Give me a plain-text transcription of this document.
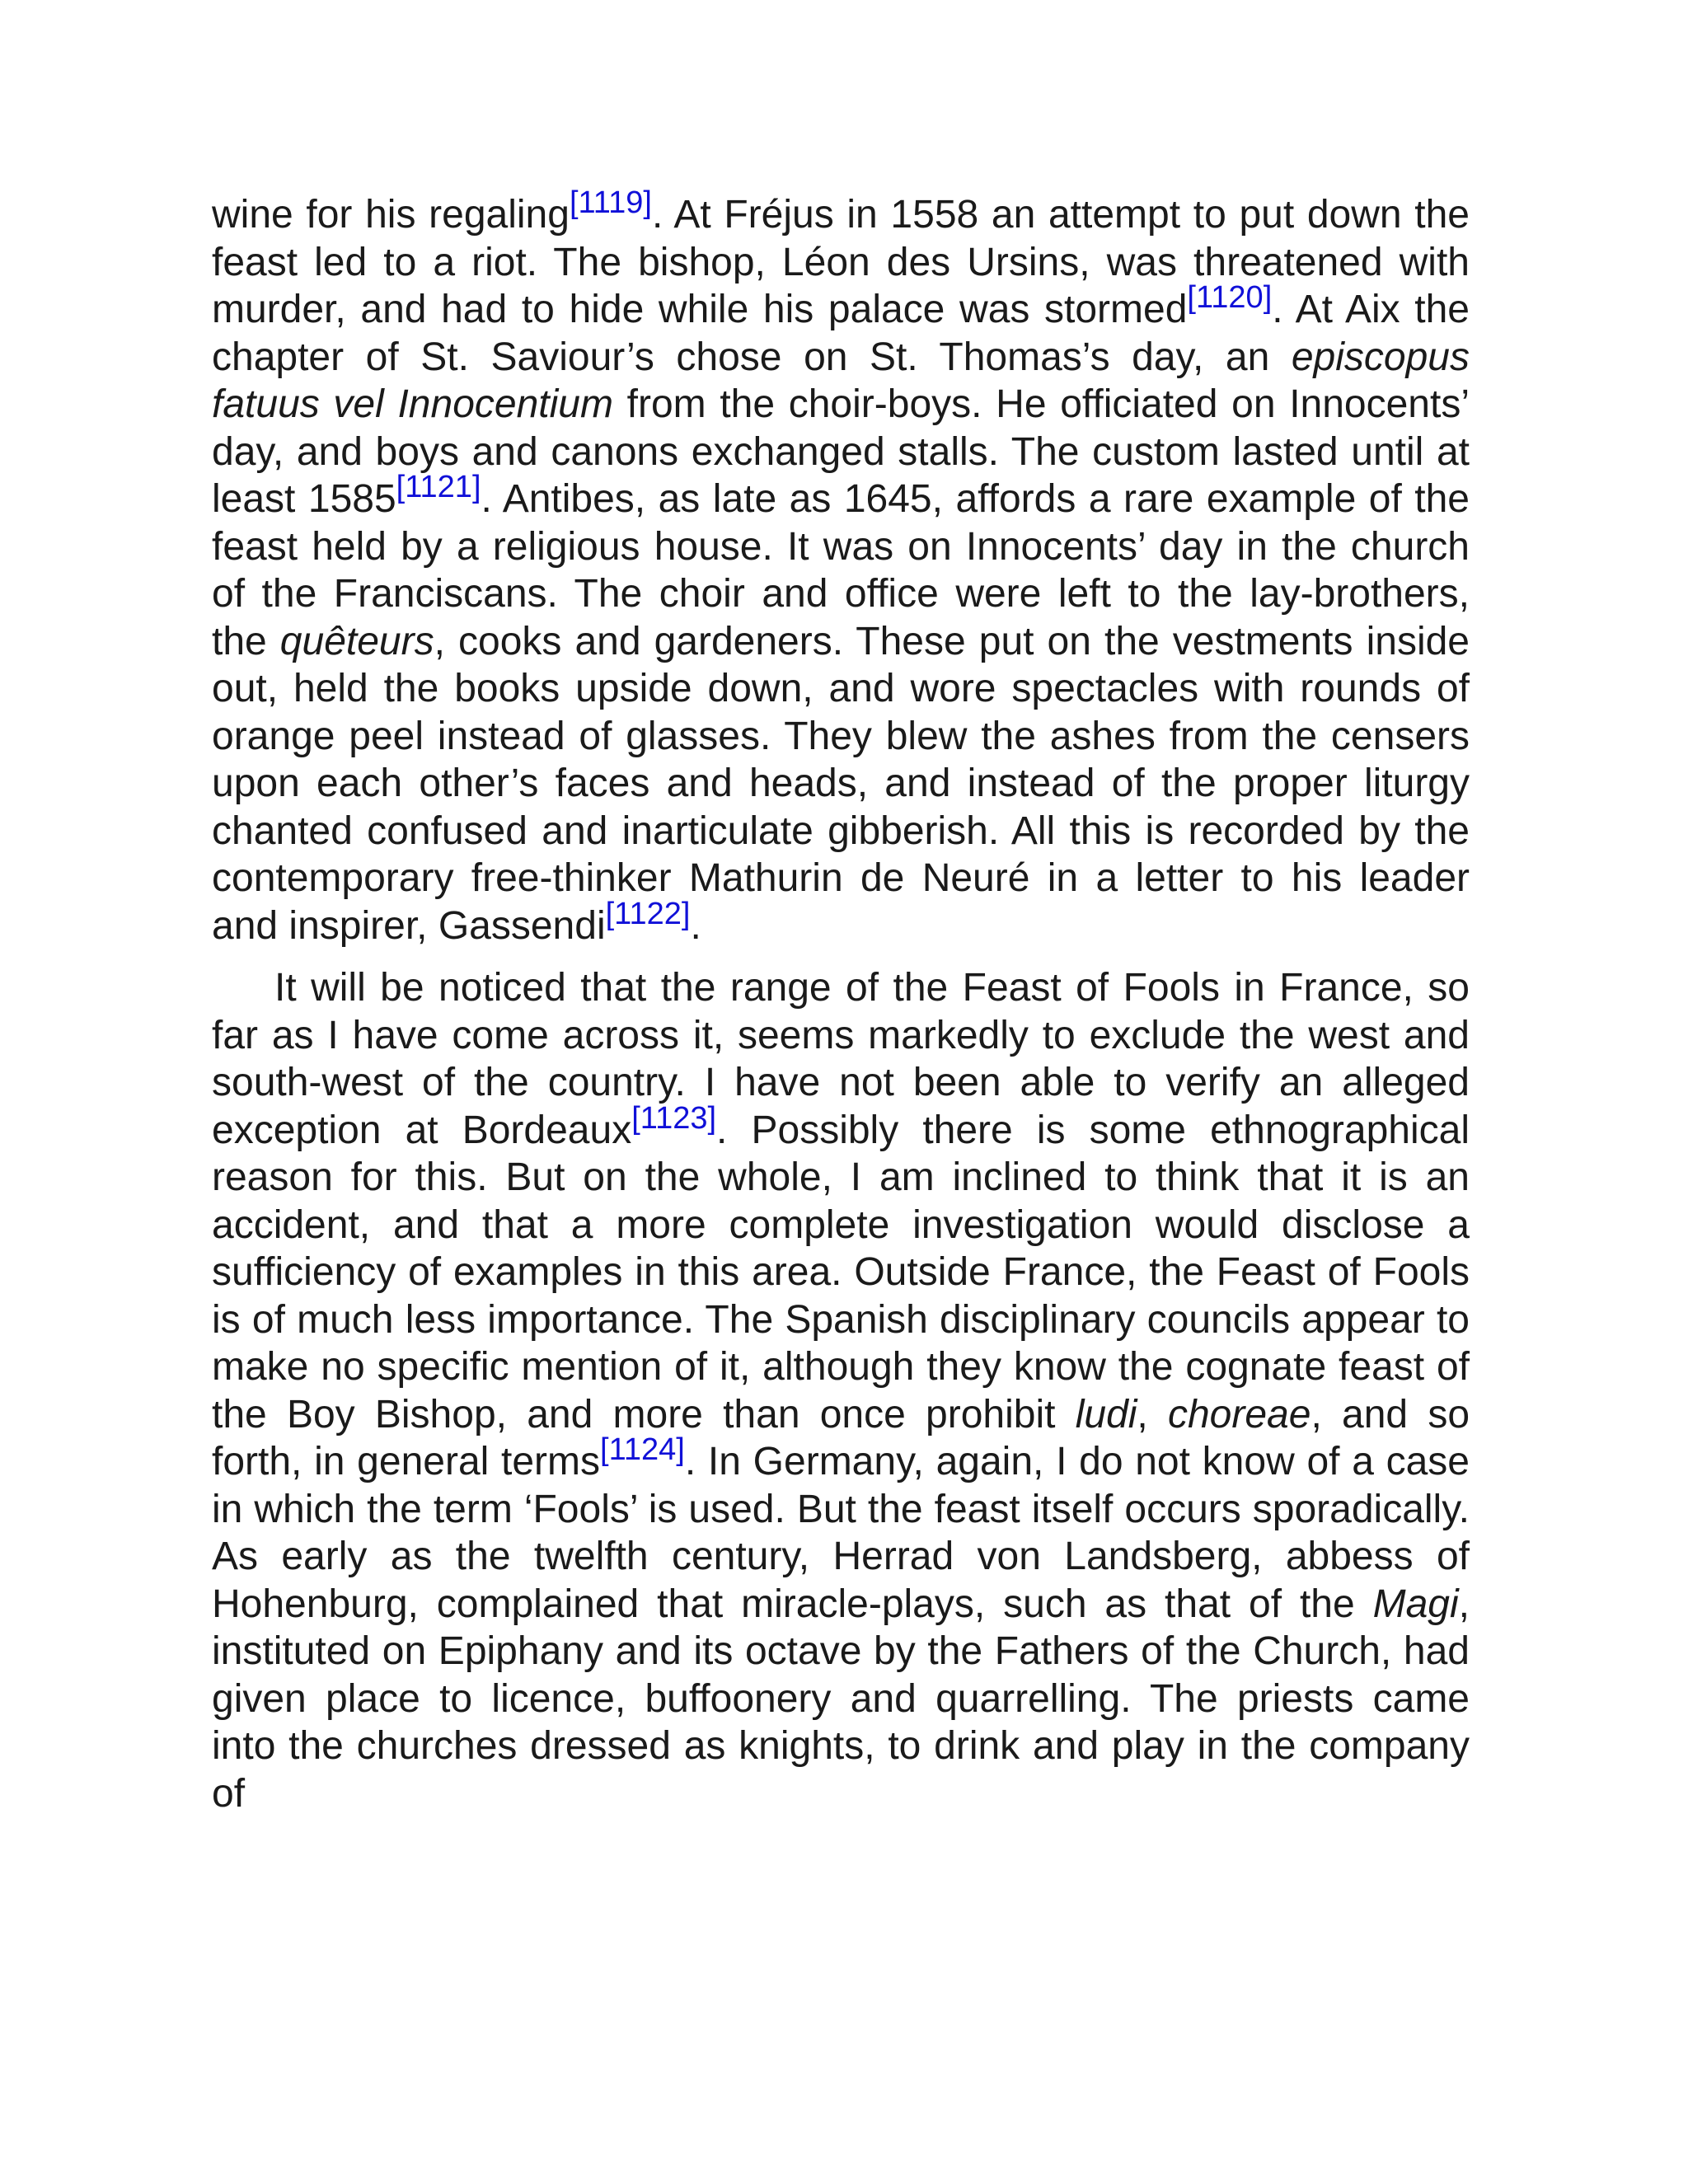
wine for his regaling[1119]. At Fréjus in 1558 an attempt to put down the feast led to a riot. The bishop, Léon des Ursins, was threatened with murder, and had to hide while his palace was stormed[1120]. At Aix the chapter of St. Saviour’s chose on St. Thomas’s day, an episcopus fatuus vel Innocentium from the choir-boys. He officiated on Innocents’ day, and boys and canons exchanged stalls. The custom lasted until at least 1585[1121]. Antibes, as late as 1645, affords a rare example of the feast held by a religious house. It was on Innocents’ day in the church of the Franciscans. The choir and office were left to the lay-brothers, the quêteurs, cooks and gardeners. These put on the vestments inside out, held the books upside down, and wore spectacles with rounds of orange peel instead of glasses. They blew the ashes from the censers upon each other’s faces and heads, and instead of the proper liturgy chanted confused and inarticulate gibberish. All this is recorded by the contemporary free-thinker Mathurin de Neuré in a letter to his leader and inspirer, Gassendi[1122].

It will be noticed that the range of the Feast of Fools in France, so far as I have come across it, seems markedly to exclude the west and south-west of the country. I have not been able to verify an alleged exception at Bordeaux[1123]. Possibly there is some ethnographical reason for this. But on the whole, I am inclined to think that it is an accident, and that a more complete investigation would disclose a sufficiency of examples in this area. Outside France, the Feast of Fools is of much less importance. The Spanish disciplinary councils appear to make no specific mention of it, although they know the cognate feast of the Boy Bishop, and more than once prohibit ludi, choreae, and so forth, in general terms[1124]. In Germany, again, I do not know of a case in which the term ‘Fools’ is used. But the feast itself occurs sporadically. As early as the twelfth century, Herrad von Landsberg, abbess of Hohenburg, complained that miracle-plays, such as that of the Magi, instituted on Epiphany and its octave by the Fathers of the Church, had given place to licence, buffoonery and quarrelling. The priests came into the churches dressed as knights, to drink and play in the company of
